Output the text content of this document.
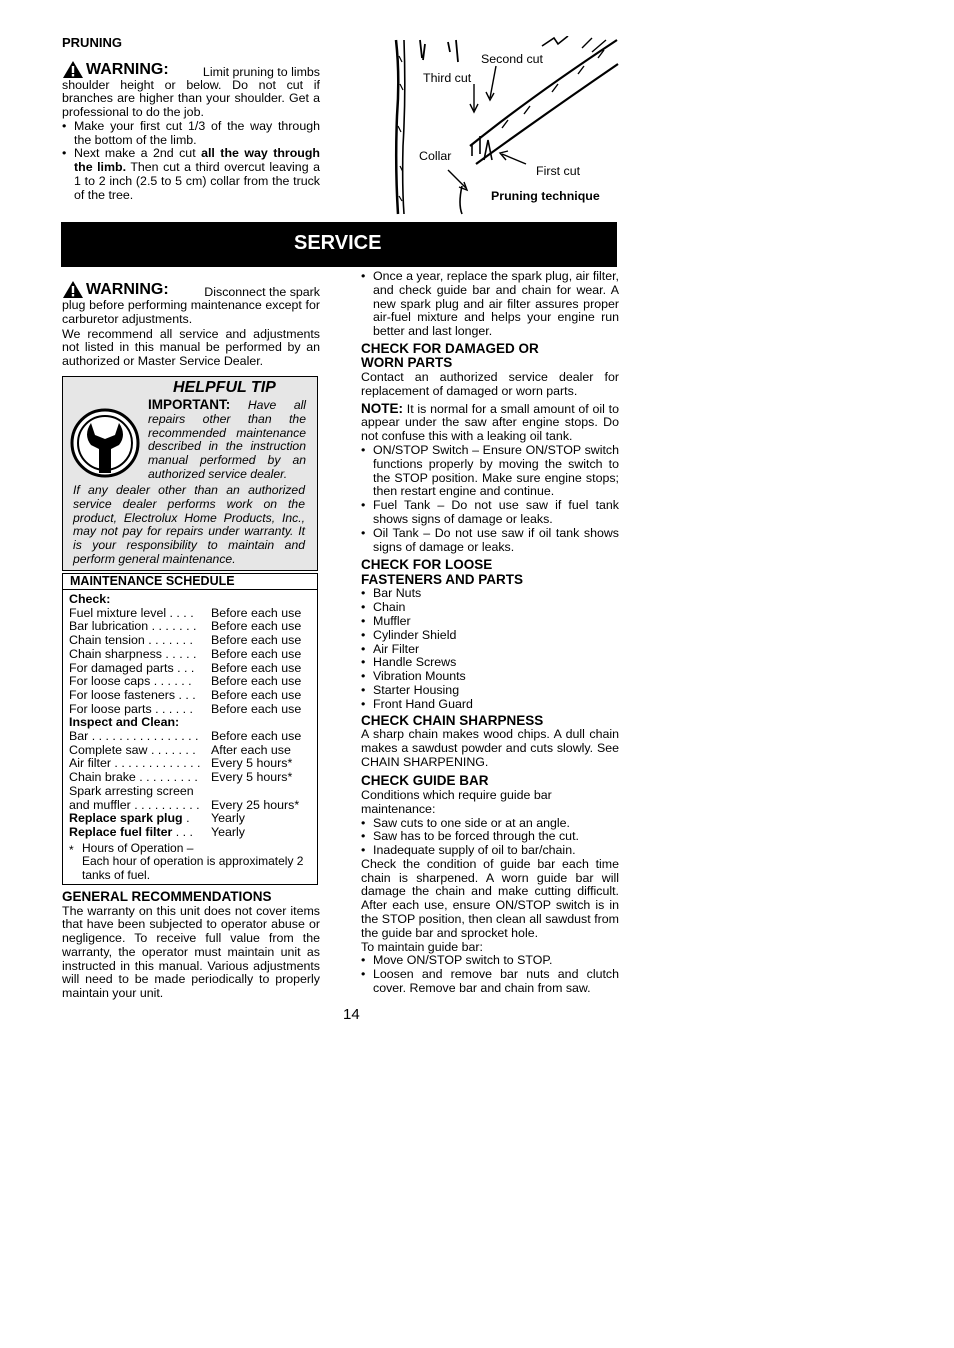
PRUNING
WARNING:	Limit pruning to limbs

shoulder height or below. Do not cut if branches are higher than your shoulder. Get a professional to do the job.

• Make your first cut 1/3 of the way through the bottom of the limb.
• Next make a 2nd cut all the way through the limb. Then cut a third overcut leaving a 1 to 2 inch (2.5 to 5 cm) collar from the truck of the tree.
Second cut
Third cut
Collar
First cut
Pruning technique
SERVICE
WARNING:	Disconnect the spark

plug before performing maintenance except for carburetor adjustments.

We recommend all service and adjustments not listed in this manual be performed by an authorized or Master Service Dealer.

HELPFUL TIP

IMPORTANT: Have all repairs other than the recommended maintenance described in the instruction manual performed by an authorized service dealer.

If any dealer other than an authorized service dealer performs work on the product, Electrolux Home Products, Inc., may not pay for repairs under warranty. It is your responsibility to maintain and perform general maintenance.

MAINTENANCE SCHEDULE
Check:
Fuel mixture level . . . .	Before each use
Bar lubrication . . . . . . .	Before each use
Chain tension . . . . . . .	Before each use
Chain sharpness . . . . .	Before each use
For damaged parts . . .	Before each use
For loose caps . . . . . .	Before each use
For loose fasteners . . .	Before each use
For loose parts . . . . . .	Before each use
Inspect and Clean:
Bar . . . . . . . . . . . . . . . .	Before each use
Complete saw . . . . . . .	After each use
Air filter . . . . . . . . . . . . . Every 5 hours*
Chain brake . . . . . . . . .	Every 5 hours*
Spark arresting screen
and muffler . . . . . . . . . . Every 25 hours*
Replace spark plug .	Yearly
Replace fuel filter . . .	Yearly
* Hours of Operation –
Each hour of operation is approximately 2 tanks of fuel.
GENERAL RECOMMENDATIONS

The warranty on this unit does not cover items that have been subjected to operator abuse or negligence. To receive full value from the warranty, the operator must maintain unit as instructed in this manual. Various adjustments will need to be made periodically to properly maintain your unit.

• Once a year, replace the spark plug, air filter, and check guide bar and chain for wear. A new spark plug and air filter assures proper air-fuel mixture and helps your engine run better and last longer.
CHECK FOR DAMAGED OR
WORN PARTS

Contact an authorized service dealer for replacement of damaged or worn parts.

NOTE: It is normal for a small amount of oil to appear under the saw after engine stops. Do not confuse this with a leaking oil tank.

• ON/STOP Switch – Ensure ON/STOP switch functions properly by moving the switch to the STOP position. Make sure engine stops; then restart engine and continue.
• Fuel Tank – Do not use saw if fuel tank shows signs of damage or leaks.
• Oil Tank – Do not use saw if oil tank shows signs of damage or leaks.
CHECK FOR LOOSE
FASTENERS AND PARTS
• Bar Nuts
• Chain
• Muffler
• Cylinder Shield
• Air Filter
• Handle Screws
• Vibration Mounts
• Starter Housing
• Front Hand Guard
CHECK CHAIN SHARPNESS

A sharp chain makes wood chips. A dull chain makes a sawdust powder and cuts slowly. See CHAIN SHARPENING.

CHECK GUIDE BAR

Conditions which require guide bar maintenance:

• Saw cuts to one side or at an angle.
• Saw has to be forced through the cut.
• Inadequate supply of oil to bar/chain.

Check the condition of guide bar each time chain is sharpened. A worn guide bar will damage the chain and make cutting difficult. After each use, ensure ON/STOP switch is in the STOP position, then clean all sawdust from the guide bar and sprocket hole.

To maintain guide bar:

• Move ON/STOP switch to STOP.
• Loosen and remove bar nuts and clutch cover. Remove bar and chain from saw.
14
